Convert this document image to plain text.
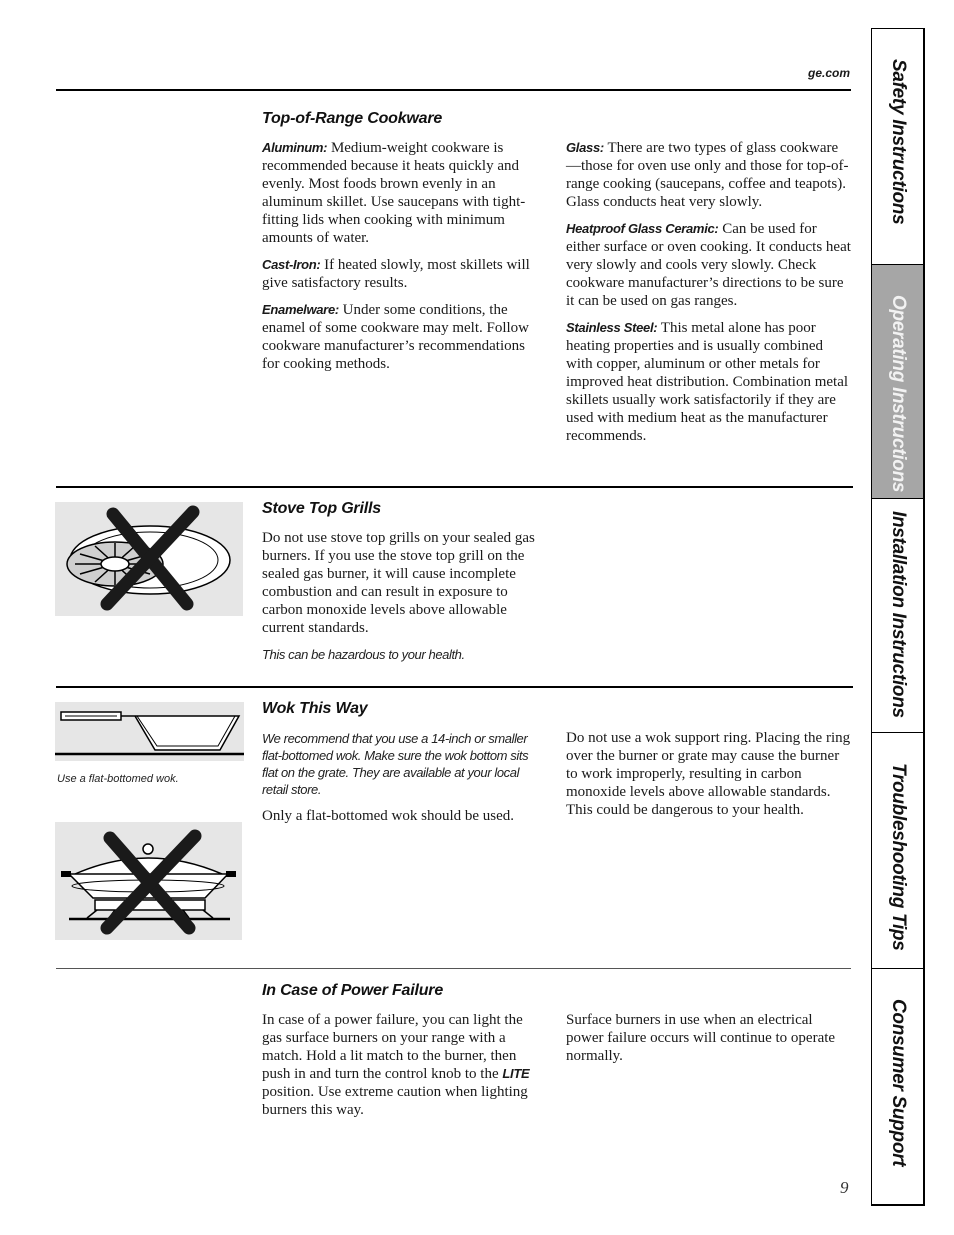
ge.com
Top-of-Range Cookware

Aluminum: Medium-weight cookware is recommended because it heats quickly and evenly. Most foods brown evenly in an aluminum skillet. Use saucepans with tight-fitting lids when cooking with minimum amounts of water.

Cast-Iron: If heated slowly, most skillets will give satisfactory results.

Enamelware: Under some conditions, the enamel of some cookware may melt. Follow cookware manufacturer’s recommendations for cooking methods.

Glass: There are two types of glass cookware—those for oven use only and those for top-of-range cooking (saucepans, coffee and teapots). Glass conducts heat very slowly.

Heatproof Glass Ceramic: Can be used for either surface or oven cooking. It conducts heat very slowly and cools very slowly. Check cookware manufacturer’s directions to be sure it can be used on gas ranges.

Stainless Steel: This metal alone has poor heating properties and is usually combined with copper, aluminum or other metals for improved heat distribution. Combination metal skillets usually work satisfactorily if they are used with medium heat as the manufacturer recommends.

Stove Top Grills

Do not use stove top grills on your sealed gas burners. If you use the stove top grill on the sealed gas burner, it will cause incomplete combustion and can result in exposure to carbon monoxide levels above allowable current standards.

This can be hazardous to your health.

Use a flat-bottomed wok.
Wok This Way

We recommend that you use a 14-inch or smaller flat-bottomed wok. Make sure the wok bottom sits flat on the grate. They are available at your local retail store.

Only a flat-bottomed wok should be used.

Do not use a wok support ring. Placing the ring over the burner or grate may cause the burner to work improperly, resulting in carbon monoxide levels above allowable standards. This could be dangerous to your health.

In Case of Power Failure

In case of a power failure, you can light the gas surface burners on your range with a match. Hold a lit match to the burner, then push in and turn the control knob to the LITE position. Use extreme caution when lighting burners this way.

Surface burners in use when an electrical power failure occurs will continue to operate normally.

9
Safety Instructions
Operating Instructions
Installation Instructions
Troubleshooting Tips
Consumer Support
